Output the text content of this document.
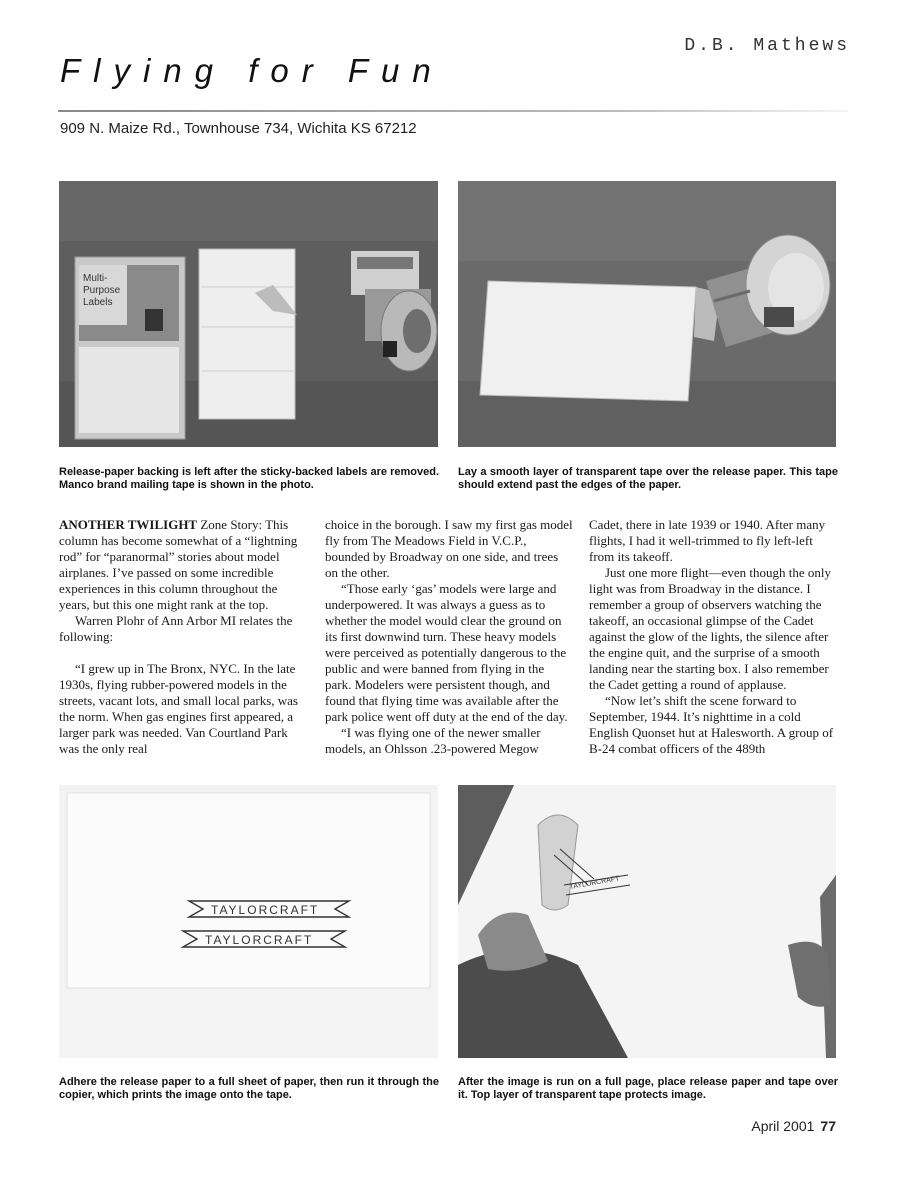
D.B. Mathews
Flying for Fun
909 N. Maize Rd., Townhouse 734, Wichita KS 67212
Multi-
Purpose
Labels
TAYLORCRAFT
TAYLORCRAFT
TAYLORCRAFT
Release-paper backing is left after the sticky-backed labels are removed. Manco brand mailing tape is shown in the photo.
Lay a smooth layer of transparent tape over the release paper. This tape should extend past the edges of the paper.
Adhere the release paper to a full sheet of paper, then run it through the copier, which prints the image onto the tape.
After the image is run on a full page, place release paper and tape over it. Top layer of transparent tape protects image.

ANOTHER TWILIGHT Zone Story: This column has become somewhat of a “lightning rod” for “paranormal” stories about model airplanes. I’ve passed on some incredible experiences in this column throughout the years, but this one might rank at the top.

Warren Plohr of Ann Arbor MI relates the following:

“I grew up in The Bronx, NYC. In the late 1930s, flying rubber-powered models in the streets, vacant lots, and small local parks, was the norm. When gas engines first appeared, a larger park was needed. Van Courtland Park was the only real

choice in the borough. I saw my first gas model fly from The Meadows Field in V.C.P., bounded by Broadway on one side, and trees on the other.

“Those early ‘gas’ models were large and underpowered. It was always a guess as to whether the model would clear the ground on its first downwind turn. These heavy models were perceived as potentially dangerous to the public and were banned from flying in the park. Modelers were persistent though, and found that flying time was available after the park police went off duty at the end of the day.

“I was flying one of the newer smaller models, an Ohlsson .23-powered Megow

Cadet, there in late 1939 or 1940. After many flights, I had it well-trimmed to fly left-left from its takeoff.

Just one more flight—even though the only light was from Broadway in the distance. I remember a group of observers watching the takeoff, an occasional glimpse of the Cadet against the glow of the lights, the silence after the engine quit, and the surprise of a smooth landing near the starting box. I also remember the Cadet getting a round of applause.

“Now let’s shift the scene forward to September, 1944. It’s nighttime in a cold English Quonset hut at Halesworth. A group of B-24 combat officers of the 489th

April 2001 77
